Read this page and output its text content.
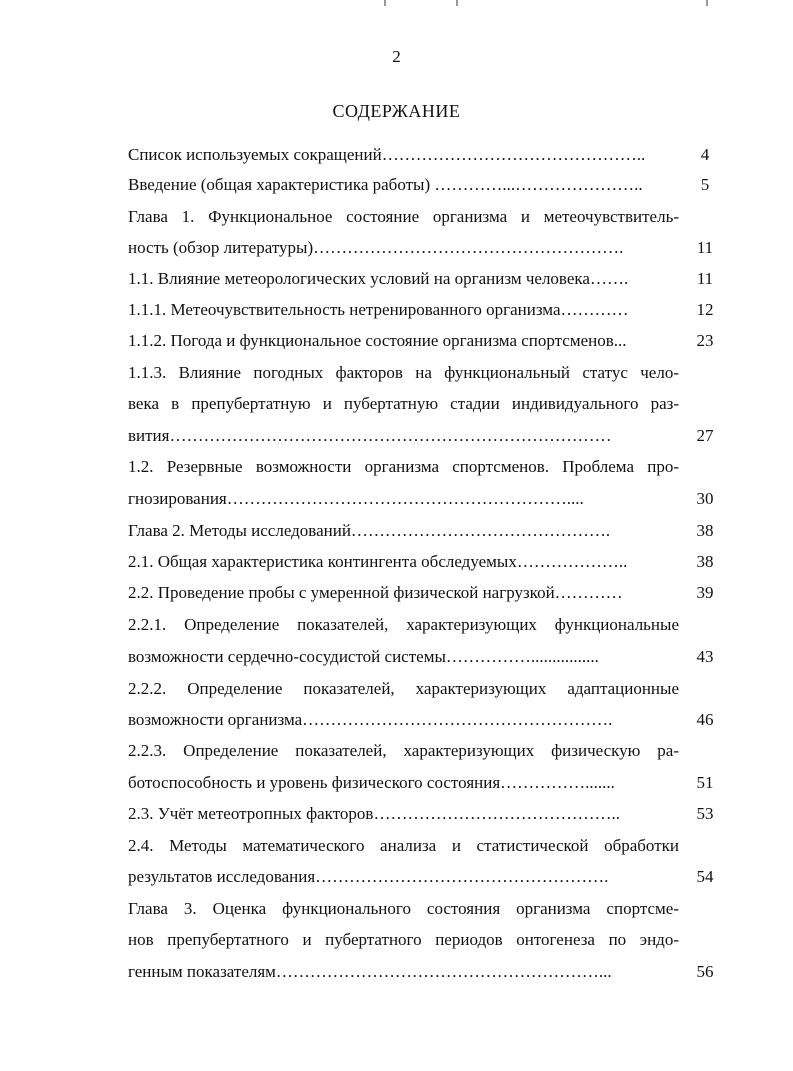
2
СОДЕРЖАНИЕ
Список используемых сокращений………………………………………..	4
Введение (общая характеристика работы) …………...…………………..	5
Глава 1. Функциональное состояние организма и метеочувствитель-
ность (обзор литературы)……………………………………………….	11
1.1. Влияние метеорологических условий на организм человека…….	11
1.1.1. Метеочувствительность нетренированного организма…………	12
1.1.2. Погода и функциональное состояние организма спортсменов...	23
1.1.3. Влияние погодных факторов на функциональный статус чело-
века в препубертатную и пубертатную стадии индивидуального раз-
вития……………………………………………………………………	27
1.2. Резервные возможности организма спортсменов. Проблема про-
гнозирования……………………………………………………....	30
Глава 2. Методы исследований……………………………………….	38
2.1. Общая характеристика контингента обследуемых………………..	38
2.2. Проведение пробы с умеренной физической нагрузкой…………	39
2.2.1. Определение показателей, характеризующих функциональные
возможности сердечно-сосудистой системы……………................	43
2.2.2. Определение показателей, характеризующих адаптационные
возможности организма……………………………………………….	46
2.2.3. Определение показателей, характеризующих физическую ра-
ботоспособность и уровень физического состояния…………….......	51
2.3. Учёт метеотропных факторов……………………………………..	53
2.4. Методы математического анализа и статистической обработки
результатов исследования…………………………………………….	54
Глава 3. Оценка функционального состояния организма спортсме-
нов препубертатного и пубертатного периодов онтогенеза по эндо-
генным показателям…………………………………………………...	56
